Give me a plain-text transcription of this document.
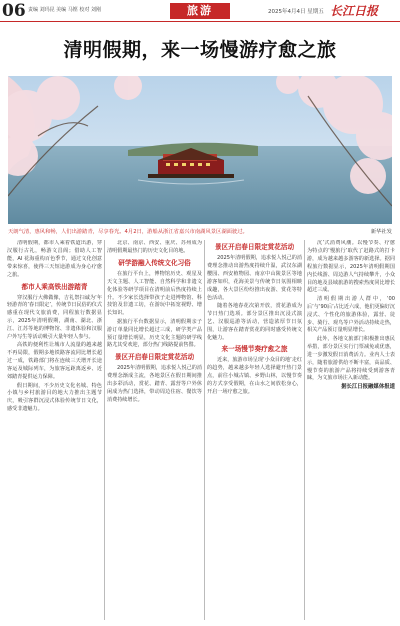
06 责编 刘玛昆 美编 马铿 校对 刘刚	旅游	2025年4月4日 星期五 长江日报
清明假期，来一场慢游疗愈之旅
天朗气清，惠风和畅，人们出游踏青，尽享春光。4月2日，游船从浙江省嘉兴市南湖风景区湖面驶过。	新华社发

清明假期，都市人乘着铁道出游，穿汉服行古礼，畅游文昌阁；借助人工智能，AI 花海重构百色季节，通过文化创意带来惊喜，使得三天短途游成为身心疗愈之旅。

都市人乘高铁出游踏青

穿汉服行大佛做像，吉礼祭扫诚为‘年轻游青的’春日限定’，传统节日民俗的仪式感重在现代文旅消费，同程旅行数据显示，2025年清明假期，湖南、湖北、浙江、江苏等地的博物馆、非遗体验和汉服户外写生等活动吸引大量年轻人参与。

高铁的便利性让城市人流量的越来越不再局限，假期多地铁路客流同比增长超过一成，铁路部门将在连续三天增开长途客运及城际列车，为旅客远距离返乡、近郊踏青提供运力保障。

假日期间，不少历史文化名城、特色小镇与乡村旅游目的地大力推出主题节庆，吸引客群沉浸式体验传统节日文化，感受非遗魅力。

北京、南京、西安、重庆、苏州成为清明假期最热门的历史文化目的地。

研学游融入传统文化习俗

在旅行平台上，博物馆历史、观星及天文主题、人工智能、自然科学和非遗文化体验等研学项目在清明前后热度持续上升。不少家长选择带孩子走进博物馆、科技馆及非遗工坊，在游玩中拓宽视野、增长知识。

据旅行平台数据显示，清明假期亲子游订单量同比增长超过三成，研学类产品预订量增长明显，历史文化主题的研学线路尤其受欢迎，部分热门线路提前售罄。

景区开启春日限定赏花活动

2025年清明假期，追求悦人悦己的消费理念渐成主流，各地景区在假日期间推出多彩活动，赏花、踏青、露营等户外休闲成为热门选择，带动周边住宿、餐饮等消费持续增长。

景区开启春日限定赏花活动

2025年清明假期，追求悦人悦己的消费理念推动出游热度持续升温，武汉东湖樱园、西安植物园、南京中山陵景区等地游客如织，花海美景与传统节日氛围相映成趣，各大景区纷纷推出夜游、赏花等特色活动。

随着各地春花次第开放，赏花游成为节日热门选项。部分景区推出沉浸式演艺、汉服巡游等活动，营造浓厚节日氛围，让游客在踏青赏花的同时感受传统文化魅力。

来一场慢节奏疗愈之旅

近来，旅游市场呈现‘小众目的地’走红的趋势，越来越多年轻人选择避开热门景点，前往小城古镇、乡野山林，以慢节奏的方式享受假期，在山水之间放松身心，开启一场疗愈之旅。

沉’式消费风潮。以慢节奏、疗愈为特点的‘慢旅行’取代了赶路式的打卡游，成为越来越多游客的新选择。据同程旅行数据显示，2025年清明假期国内长线游、周边游人气持续攀升，小众目的地及县域旅游的搜索热度同比增长超过三成。

清明假期出游人群中，‘00后’与‘90后’占比近六成，他们更偏好沉浸式、个性化的旅游体验，露营、徒步、骑行、观鸟等户外活动持续走热，相关产品预订量明显增长。

此外，各地文旅部门积极推出惠民举措，部分景区实行门票减免或优惠，进一步激发假日消费活力。业内人士表示，随着旅游供给不断丰富，高品质、慢节奏的旅游产品将持续受到游客青睐，为文旅市场注入新动能。

据长江日报融媒体报道
